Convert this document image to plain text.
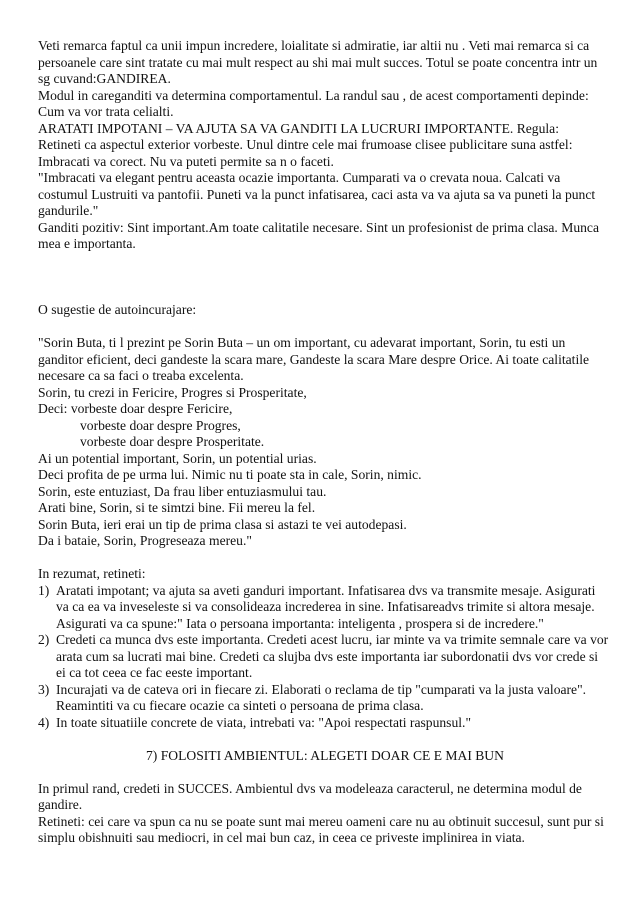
Veti remarca faptul ca unii impun incredere, loialitate si admiratie, iar altii nu . Veti mai remarca si ca

persoanele care sint tratate cu mai mult respect au shi mai mult succes. Totul se poate concentra intr un

sg cuvand:GANDIREA.

Modul in careganditi va determina comportamentul. La randul sau , de acest comportamenti depinde:

Cum va vor trata celialti.

ARATATI IMPOTANI – VA AJUTA SA VA GANDITI LA LUCRURI IMPORTANTE. Regula:

Retineti ca aspectul exterior vorbeste. Unul dintre cele mai frumoase clisee publicitare suna astfel:

Imbracati va corect. Nu va puteti permite sa n o faceti.

"Imbracati va elegant pentru aceasta ocazie importanta. Cumparati va o crevata noua. Calcati va

costumul Lustruiti va pantofii. Puneti va la punct infatisarea, caci asta va va ajuta sa va puneti la punct

gandurile."

Ganditi pozitiv: Sint important.Am toate calitatile necesare. Sint un profesionist de prima clasa. Munca

mea e importanta.

O sugestie de autoincurajare:

"Sorin Buta, ti l prezint pe Sorin Buta – un om important, cu adevarat important, Sorin, tu esti un

ganditor eficient, deci gandeste la scara mare, Gandeste la scara Mare despre Orice. Ai toate calitatile

necesare ca sa faci o treaba excelenta.

Sorin, tu crezi in Fericire, Progres si Prosperitate,

Deci: vorbeste doar despre Fericire,

vorbeste doar despre Progres,

vorbeste doar despre Prosperitate.

Ai un potential important, Sorin, un potential urias.

Deci profita de pe urma lui. Nimic nu ti poate sta in cale, Sorin, nimic.

Sorin, este entuziast, Da frau liber entuziasmului tau.

Arati bine, Sorin, si te simtzi bine. Fii mereu la fel.

Sorin Buta, ieri erai un tip de prima clasa si astazi te vei autodepasi.

Da i bataie, Sorin, Progreseaza mereu."

In rezumat, retineti:

1) Aratati impotant; va ajuta sa aveti ganduri important. Infatisarea dvs va transmite mesaje. Asigurati

va ca ea va inveseleste si va consolideaza increderea in sine. Infatisareadvs trimite si altora mesaje.

Asigurati va ca spune:" Iata o persoana importanta: inteligenta , prospera si de incredere."

2) Credeti ca munca dvs este importanta. Credeti acest lucru, iar minte va va trimite semnale care va vor

arata cum sa lucrati mai bine. Credeti ca slujba dvs este importanta iar subordonatii dvs vor crede si

ei ca tot ceea ce fac eeste important.

3) Incurajati va de cateva ori in fiecare zi. Elaborati o reclama de tip "cumparati va la justa valoare".

Reamintiti va cu fiecare ocazie ca sinteti o persoana de prima clasa.

4) In toate situatiile concrete de viata, intrebati va: "Apoi respectati raspunsul."

7) FOLOSITI AMBIENTUL: ALEGETI DOAR CE E MAI BUN

In primul rand, credeti in SUCCES. Ambientul dvs va modeleaza caracterul, ne determina modul de

gandire.

Retineti: cei care va spun ca nu se poate sunt mai mereu oameni care nu au obtinuit succesul, sunt pur si

simplu obishnuiti sau mediocri, in cel mai bun caz, in ceea ce priveste implinirea in viata.
